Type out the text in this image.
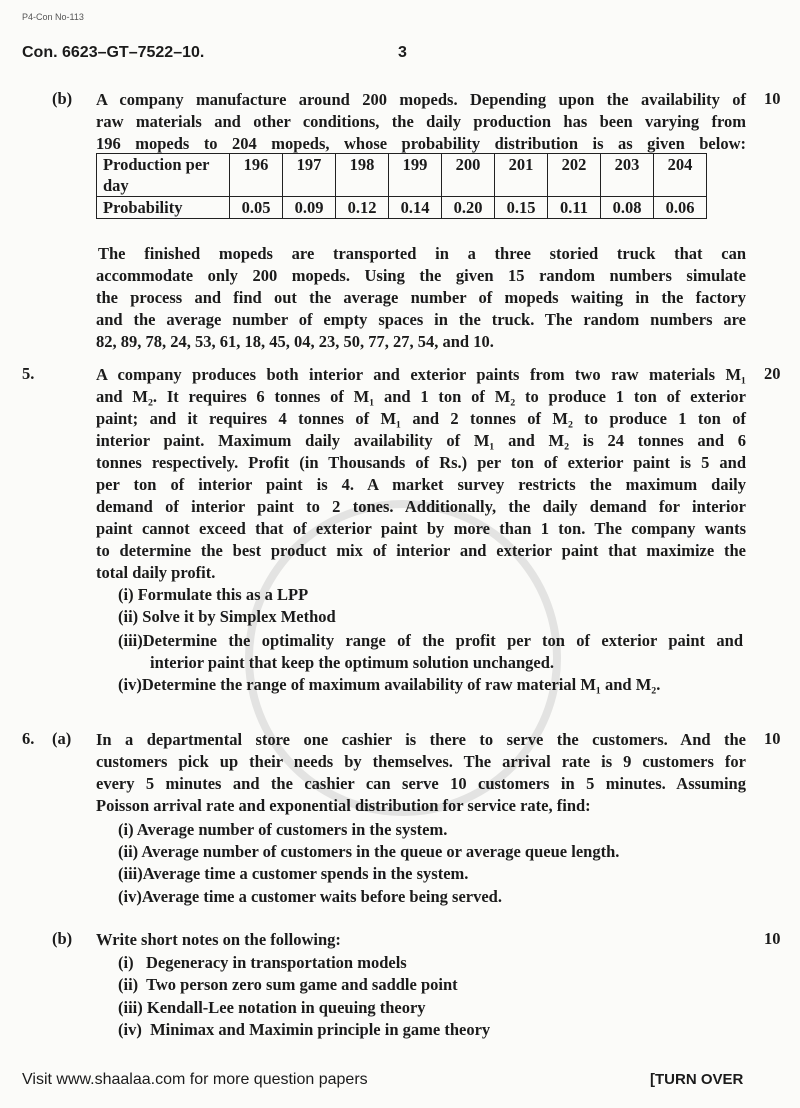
P4-Con No-113
Con. 6623–GT–7522–10.	3
(b)	10
A company manufacture around 200 mopeds. Depending upon the availability of
raw materials and other conditions, the daily production has been varying from
196 mopeds to 204 mopeds, whose probability distribution is as given below:
Production per day	196	197	198	199	200	201	202	203	204
Probability	0.05	0.09	0.12	0.14	0.20	0.15	0.11	0.08	0.06
The finished mopeds are transported in a three storied truck that can
accommodate only 200 mopeds. Using the given 15 random numbers simulate
the process and find out the average number of mopeds waiting in the factory
and the average number of empty spaces in the truck. The random numbers are
82, 89, 78, 24, 53, 61, 18, 45, 04, 23, 50, 77, 27, 54, and 10.
5.	20
A company produces both interior and exterior paints from two raw materials M₁
and M₂. It requires 6 tonnes of M₁ and 1 ton of M₂ to produce 1 ton of exterior
paint; and it requires 4 tonnes of M₁ and 2 tonnes of M₂ to produce 1 ton of
interior paint. Maximum daily availability of M₁ and M₂ is 24 tonnes and 6
tonnes respectively. Profit (in Thousands of Rs.) per ton of exterior paint is 5 and
per ton of interior paint is 4. A market survey restricts the maximum daily
demand of interior paint to 2 tones. Additionally, the daily demand for interior
paint cannot exceed that of exterior paint by more than 1 ton. The company wants
to determine the best product mix of interior and exterior paint that maximize the
total daily profit.
(i) Formulate this as a LPP
(ii) Solve it by Simplex Method
(iii)Determine the optimality range of the profit per ton of exterior paint and
interior paint that keep the optimum solution unchanged.
(iv)Determine the range of maximum availability of raw material M₁ and M₂.
6. (a)	10
In a departmental store one cashier is there to serve the customers. And the
customers pick up their needs by themselves. The arrival rate is 9 customers for
every 5 minutes and the cashier can serve 10 customers in 5 minutes. Assuming
Poisson arrival rate and exponential distribution for service rate, find:
(i) Average number of customers in the system.
(ii) Average number of customers in the queue or average queue length.
(iii)Average time a customer spends in the system.
(iv)Average time a customer waits before being served.
(b)	10
Write short notes on the following:
(i)   Degeneracy in transportation models
(ii)  Two person zero sum game and saddle point
(iii) Kendall-Lee notation in queuing theory
(iv)  Minimax and Maximin principle in game theory
Visit www.shaalaa.com for more question papers	[TURN OVER
